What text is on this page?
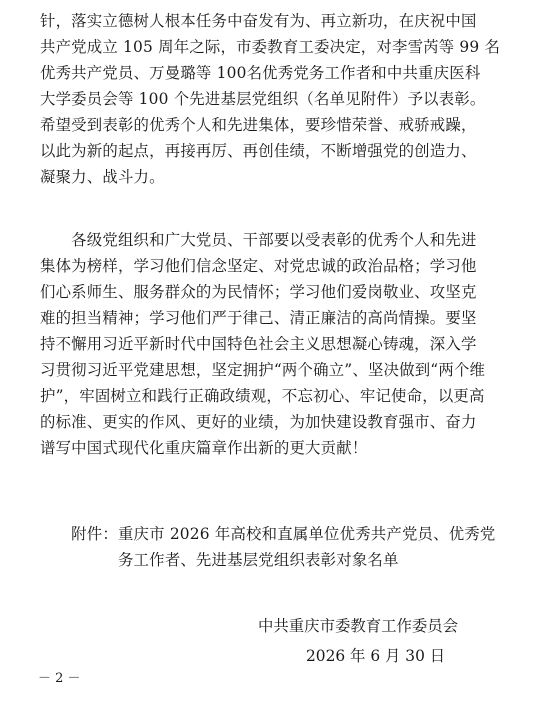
针，落实立德树人根本任务中奋发有为、再立新功，在庆祝中国
共产党成立 105 周年之际，市委教育工委决定，对李雪芮等 99 名
优秀共产党员、万曼璐等 100名优秀党务工作者和中共重庆医科
大学委员会等 100 个先进基层党组织（名单见附件）予以表彰。
希望受到表彰的优秀个人和先进集体，要珍惜荣誉、戒骄戒躁，
以此为新的起点，再接再厉、再创佳绩，不断增强党的创造力、
凝聚力、战斗力。
　　各级党组织和广大党员、干部要以受表彰的优秀个人和先进
集体为榜样，学习他们信念坚定、对党忠诚的政治品格；学习他
们心系师生、服务群众的为民情怀；学习他们爱岗敬业、攻坚克
难的担当精神；学习他们严于律己、清正廉洁的高尚情操。要坚
持不懈用习近平新时代中国特色社会主义思想凝心铸魂，深入学
习贯彻习近平党建思想，坚定拥护“两个确立”、坚决做到“两个维
护”，牢固树立和践行正确政绩观，不忘初心、牢记使命，以更高
的标准、更实的作风、更好的业绩，为加快建设教育强市、奋力
谱写中国式现代化重庆篇章作出新的更大贡献！
　　附件：重庆市 2026 年高校和直属单位优秀共产党员、优秀党
　　　　　务工作者、先进基层党组织表彰对象名单

中共重庆市委教育工作委员会

2026 年 6 月 30 日

－ 2 －
